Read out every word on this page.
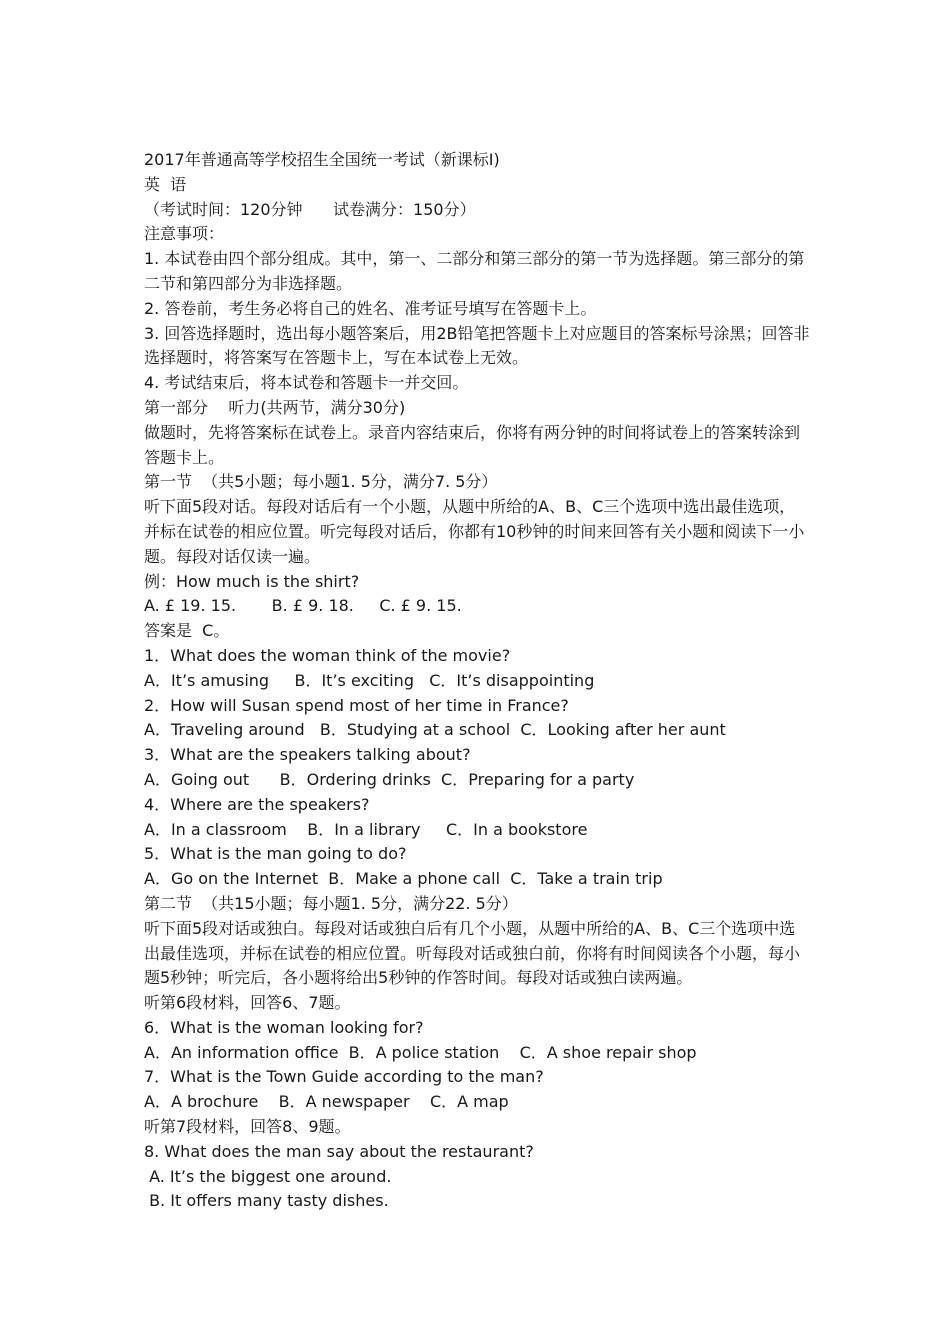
2017年普通高等学校招生全国统一考试（新课标Ⅰ)

英  语

（考试时间：120分钟      试卷满分：150分）

注意事项：

1. 本试卷由四个部分组成。其中，第一、二部分和第三部分的第一节为选择题。第三部分的第二节和第四部分为非选择题。

2. 答卷前，考生务必将自己的姓名、准考证号填写在答题卡上。

3. 回答选择题时，选出每小题答案后，用2B铅笔把答题卡上对应题目的答案标号涂黑；回答非选择题时，将答案写在答题卡上，写在本试卷上无效。

4. 考试结束后，将本试卷和答题卡一并交回。

第一部分    听力(共两节，满分30分)

做题时，先将答案标在试卷上。录音内容结束后，你将有两分钟的时间将试卷上的答案转涂到答题卡上。

第一节  （共5小题；每小题1. 5分，满分7. 5分）

听下面5段对话。每段对话后有一个小题，从题中所给的A、B、C三个选项中选出最佳选项，并标在试卷的相应位置。听完每段对话后，你都有10秒钟的时间来回答有关小题和阅读下一小题。每段对话仅读一遍。

例：How much is the shirt?

A. £ 19. 15.       B. £ 9. 18.     C. £ 9. 15.

答案是  C。

1．What does the woman think of the movie?

A．It’s amusing     B．It’s exciting   C．It’s disappointing

2．How will Susan spend most of her time in France?

A．Traveling around   B．Studying at a school  C．Looking after her aunt

3．What are the speakers talking about?

A．Going out      B．Ordering drinks  C．Preparing for a party

4．Where are the speakers?

A．In a classroom    B．In a library     C．In a bookstore

5．What is the man going to do?

A．Go on the Internet  B．Make a phone call  C．Take a train trip

第二节  （共15小题；每小题1. 5分，满分22. 5分）

听下面5段对话或独白。每段对话或独白后有几个小题，从题中所给的A、B、C三个选项中选出最佳选项，并标在试卷的相应位置。听每段对话或独白前，你将有时间阅读各个小题，每小题5秒钟；听完后，各小题将给出5秒钟的作答时间。每段对话或独白读两遍。

听第6段材料，回答6、7题。

6．What is the woman looking for?

A．An information office  B．A police station    C．A shoe repair shop

7．What is the Town Guide according to the man?

A．A brochure    B．A newspaper    C．A map

听第7段材料，回答8、9题。

8. What does the man say about the restaurant?

A. It’s the biggest one around.

B. It offers many tasty dishes.
